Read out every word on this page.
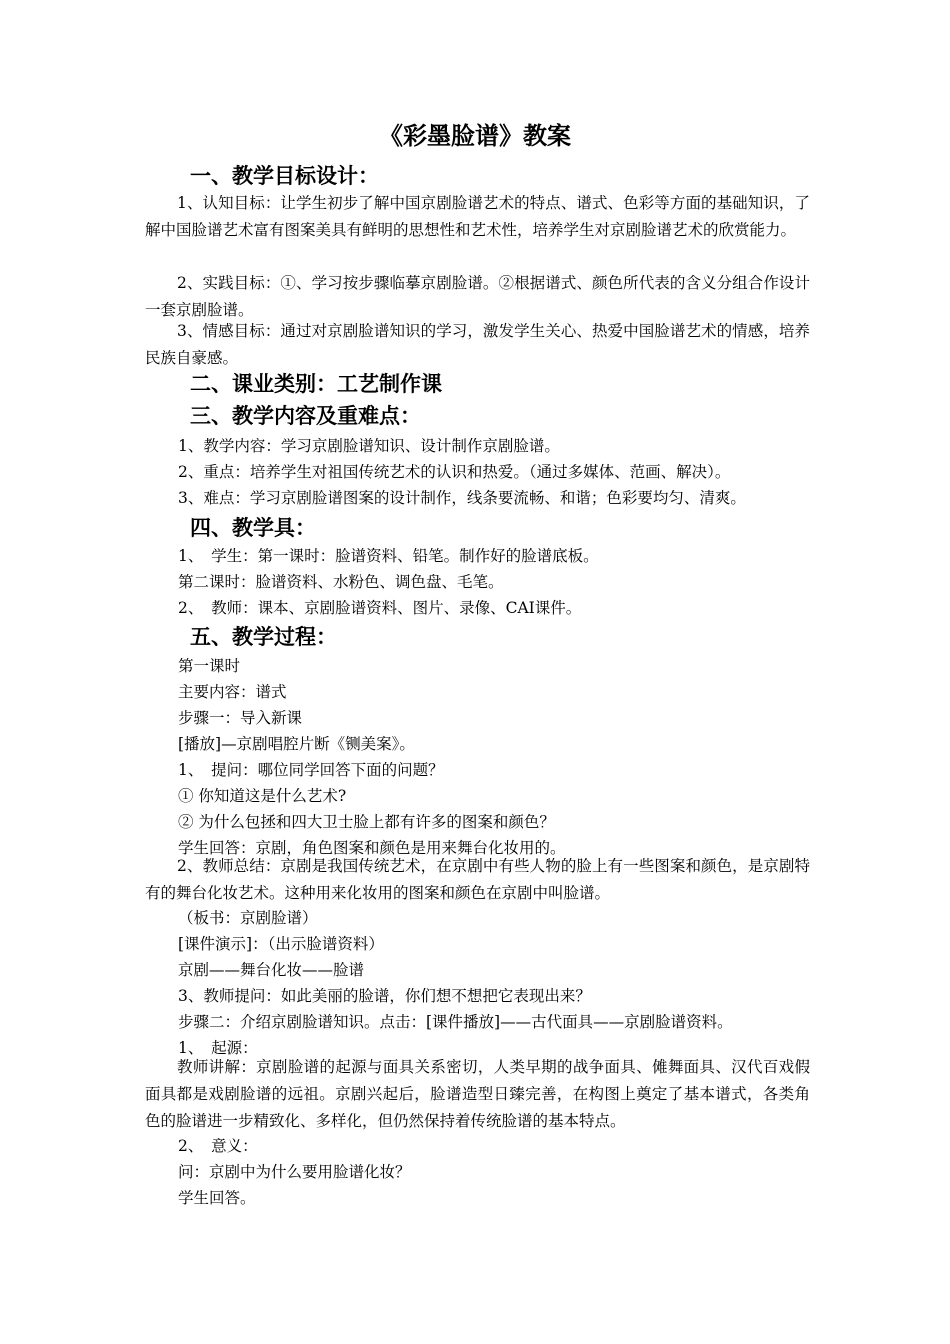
《彩墨脸谱》教案
一、教学目标设计：

1、认知目标：让学生初步了解中国京剧脸谱艺术的特点、谱式、色彩等方面的基础知识，了解中国脸谱艺术富有图案美具有鲜明的思想性和艺术性，培养学生对京剧脸谱艺术的欣赏能力。

2、实践目标：①、学习按步骤临摹京剧脸谱。②根据谱式、颜色所代表的含义分组合作设计一套京剧脸谱。

3、情感目标：通过对京剧脸谱知识的学习，激发学生关心、热爱中国脸谱艺术的情感，培养民族自豪感。

二、课业类别：工艺制作课
三、教学内容及重难点：
1、教学内容：学习京剧脸谱知识、设计制作京剧脸谱。
2、重点：培养学生对祖国传统艺术的认识和热爱。（通过多媒体、范画、解决）。
3、难点：学习京剧脸谱图案的设计制作，线条要流畅、和谐；色彩要均匀、清爽。
四、教学具：
1、　学生：第一课时：脸谱资料、铅笔。制作好的脸谱底板。
第二课时：脸谱资料、水粉色、调色盘、毛笔。
2、　教师：课本、京剧脸谱资料、图片、录像、CAI课件。
五、教学过程：
第一课时
主要内容：谱式
步骤一：导入新课
[播放]—京剧唱腔片断《铡美案》。
1、　提问：哪位同学回答下面的问题？
① 你知道这是什么艺术?
② 为什么包拯和四大卫士脸上都有许多的图案和颜色？
学生回答：京剧，角色图案和颜色是用来舞台化妆用的。

2、教师总结：京剧是我国传统艺术，在京剧中有些人物的脸上有一些图案和颜色，是京剧特有的舞台化妆艺术。这种用来化妆用的图案和颜色在京剧中叫脸谱。

（板书：京剧脸谱）
[课件演示]：（出示脸谱资料）
京剧——舞台化妆——脸谱
3、教师提问：如此美丽的脸谱，你们想不想把它表现出来？
步骤二：介绍京剧脸谱知识。点击：[课件播放]——古代面具——京剧脸谱资料。
1、　起源：

教师讲解：京剧脸谱的起源与面具关系密切，人类早期的战争面具、傩舞面具、汉代百戏假面具都是戏剧脸谱的远祖。京剧兴起后，脸谱造型日臻完善，在构图上奠定了基本谱式，各类角色的脸谱进一步精致化、多样化，但仍然保持着传统脸谱的基本特点。

2、　意义：
问：京剧中为什么要用脸谱化妆？
学生回答。
